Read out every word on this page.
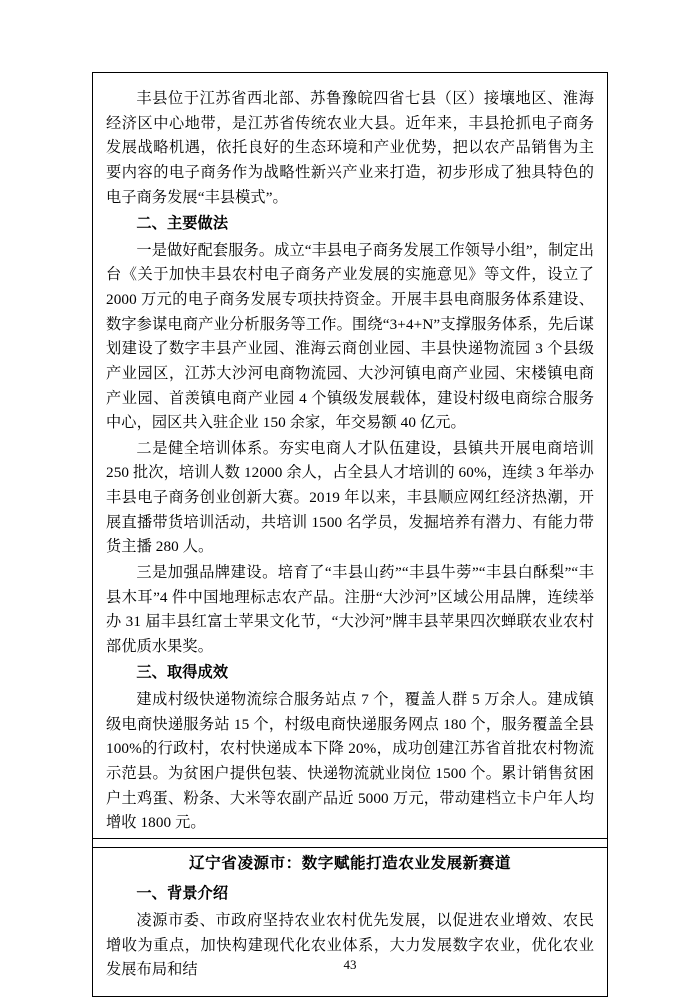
丰县位于江苏省西北部、苏鲁豫皖四省七县（区）接壤地区、淮海经济区中心地带，是江苏省传统农业大县。近年来，丰县抢抓电子商务发展战略机遇，依托良好的生态环境和产业优势，把以农产品销售为主要内容的电子商务作为战略性新兴产业来打造，初步形成了独具特色的电子商务发展“丰县模式”。

二、主要做法

一是做好配套服务。成立“丰县电子商务发展工作领导小组”，制定出台《关于加快丰县农村电子商务产业发展的实施意见》等文件，设立了 2000 万元的电子商务发展专项扶持资金。开展丰县电商服务体系建设、数字参谋电商产业分析服务等工作。围绕“3+4+N”支撑服务体系，先后谋划建设了数字丰县产业园、淮海云商创业园、丰县快递物流园 3 个县级产业园区，江苏大沙河电商物流园、大沙河镇电商产业园、宋楼镇电商产业园、首羡镇电商产业园 4 个镇级发展载体，建设村级电商综合服务中心，园区共入驻企业 150 余家，年交易额 40 亿元。

二是健全培训体系。夯实电商人才队伍建设，县镇共开展电商培训 250 批次，培训人数 12000 余人，占全县人才培训的 60%，连续 3 年举办丰县电子商务创业创新大赛。2019 年以来，丰县顺应网红经济热潮，开展直播带货培训活动，共培训 1500 名学员，发掘培养有潜力、有能力带货主播 280 人。

三是加强品牌建设。培育了“丰县山药”“丰县牛蒡”“丰县白酥梨”“丰县木耳”4 件中国地理标志农产品。注册“大沙河”区域公用品牌，连续举办 31 届丰县红富士苹果文化节，“大沙河”牌丰县苹果四次蝉联农业农村部优质水果奖。

三、取得成效

建成村级快递物流综合服务站点 7 个，覆盖人群 5 万余人。建成镇级电商快递服务站 15 个，村级电商快递服务网点 180 个，服务覆盖全县 100%的行政村，农村快递成本下降 20%，成功创建江苏省首批农村物流示范县。为贫困户提供包装、快递物流就业岗位 1500 个。累计销售贫困户土鸡蛋、粉条、大米等农副产品近 5000 万元，带动建档立卡户年人均增收 1800 元。

辽宁省凌源市：数字赋能打造农业发展新赛道

一、背景介绍

凌源市委、市政府坚持农业农村优先发展，以促进农业增效、农民增收为重点，加快构建现代化农业体系，大力发展数字农业，优化农业发展布局和结	43
